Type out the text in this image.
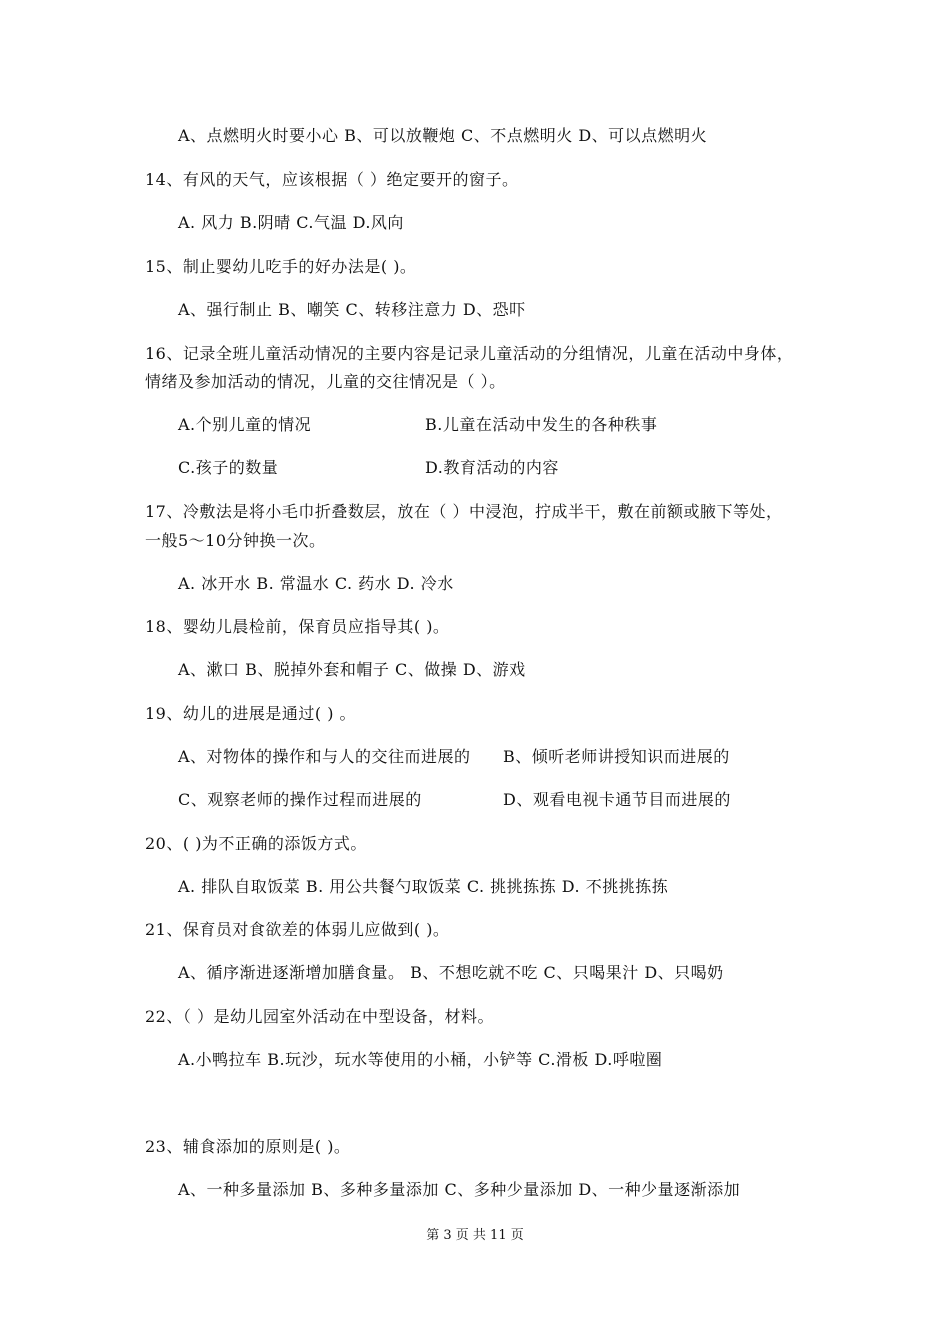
A、点燃明火时要小心 B、可以放鞭炮 C、不点燃明火 D、可以点燃明火
14、有风的天气，应该根据（ ）绝定要开的窗子。
A. 风力 B.阴晴 C.气温 D.风向
15、制止婴幼儿吃手的好办法是( )。
A、强行制止 B、嘲笑 C、转移注意力 D、恐吓
16、记录全班儿童活动情况的主要内容是记录儿童活动的分组情况，儿童在活动中身体，
情绪及参加活动的情况，儿童的交往情况是（ ）。
A.个别儿童的情况	B.儿童在活动中发生的各种秩事
C.孩子的数量	D.教育活动的内容
17、冷敷法是将小毛巾折叠数层，放在（ ）中浸泡，拧成半干，敷在前额或腋下等处，
一般5～10分钟换一次。
A. 冰开水 B. 常温水 C. 药水 D. 冷水
18、婴幼儿晨检前，保育员应指导其( )。
A、漱口 B、脱掉外套和帽子 C、做操 D、游戏
19、幼儿的进展是通过( ) 。
A、对物体的操作和与人的交往而进展的 B、倾听老师讲授知识而进展的
C、观察老师的操作过程而进展的	D、观看电视卡通节目而进展的
20、( )为不正确的添饭方式。
A. 排队自取饭菜 B. 用公共餐勺取饭菜 C. 挑挑拣拣 D. 不挑挑拣拣
21、保育员对食欲差的体弱儿应做到( )。
A、循序渐进逐渐增加膳食量。 B、不想吃就不吃 C、只喝果汁 D、只喝奶
22、（ ）是幼儿园室外活动在中型设备，材料。
A.小鸭拉车 B.玩沙，玩水等使用的小桶，小铲等 C.滑板 D.呼啦圈
23、辅食添加的原则是( )。
A、一种多量添加 B、多种多量添加 C、多种少量添加 D、一种少量逐渐添加
第 3 页 共 11 页
